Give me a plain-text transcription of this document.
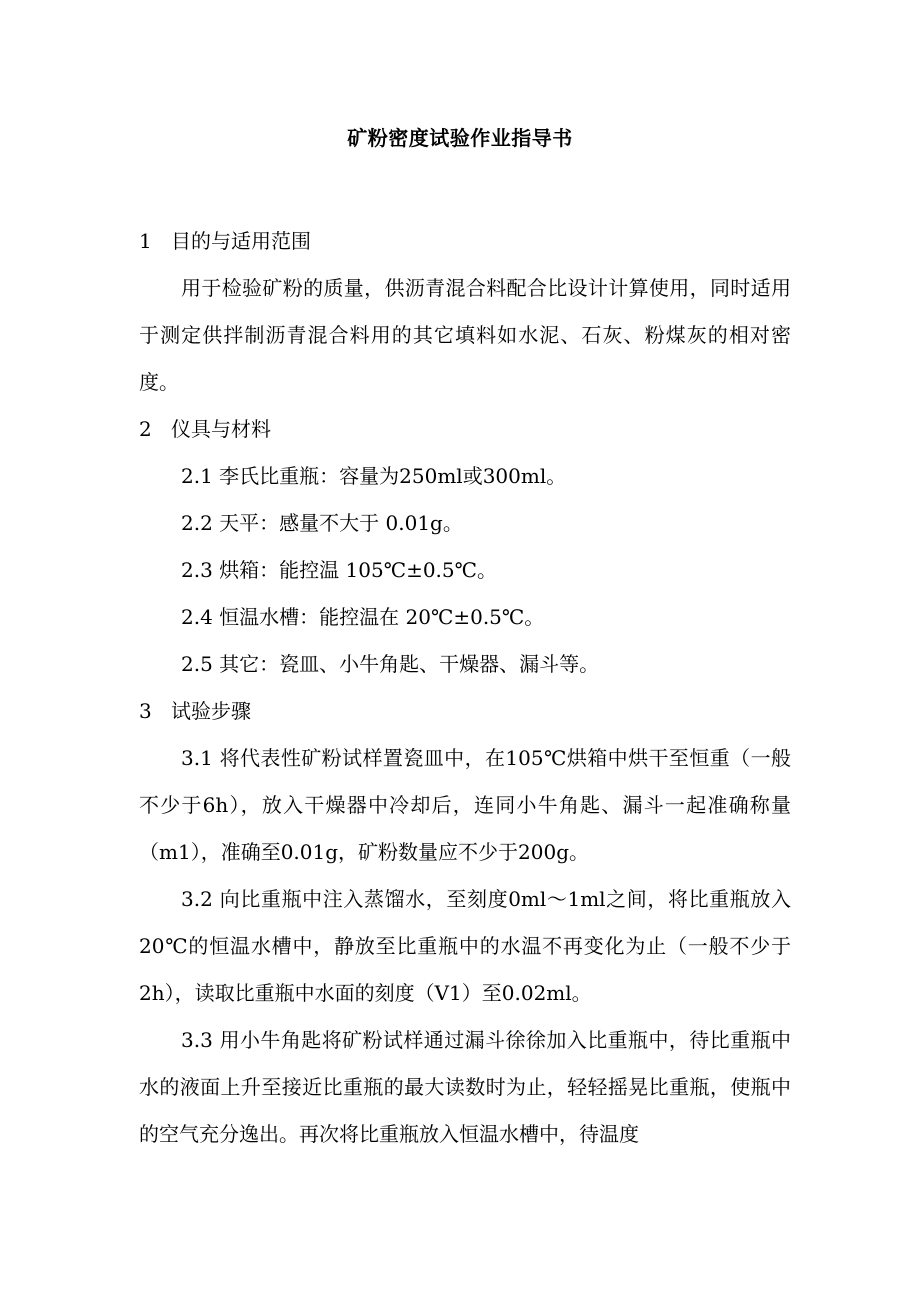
矿粉密度试验作业指导书
1 目的与适用范围
用于检验矿粉的质量，供沥青混合料配合比设计计算使用，同时适用于测定供拌制沥青混合料用的其它填料如水泥、石灰、粉煤灰的相对密度。
2 仪具与材料
2.1 李氏比重瓶：容量为250ml或300ml。
2.2 天平：感量不大于 0.01g。
2.3 烘箱：能控温 105℃±0.5℃。
2.4 恒温水槽：能控温在 20℃±0.5℃。
2.5 其它：瓷皿、小牛角匙、干燥器、漏斗等。
3 试验步骤
3.1 将代表性矿粉试样置瓷皿中，在105℃烘箱中烘干至恒重（一般不少于6h），放入干燥器中冷却后，连同小牛角匙、漏斗一起准确称量（m1），准确至0.01g，矿粉数量应不少于200g。
3.2 向比重瓶中注入蒸馏水，至刻度0ml～1ml之间，将比重瓶放入20℃的恒温水槽中，静放至比重瓶中的水温不再变化为止（一般不少于2h），读取比重瓶中水面的刻度（V1）至0.02ml。
3.3 用小牛角匙将矿粉试样通过漏斗徐徐加入比重瓶中，待比重瓶中水的液面上升至接近比重瓶的最大读数时为止，轻轻摇晃比重瓶，使瓶中的空气充分逸出。再次将比重瓶放入恒温水槽中，待温度
